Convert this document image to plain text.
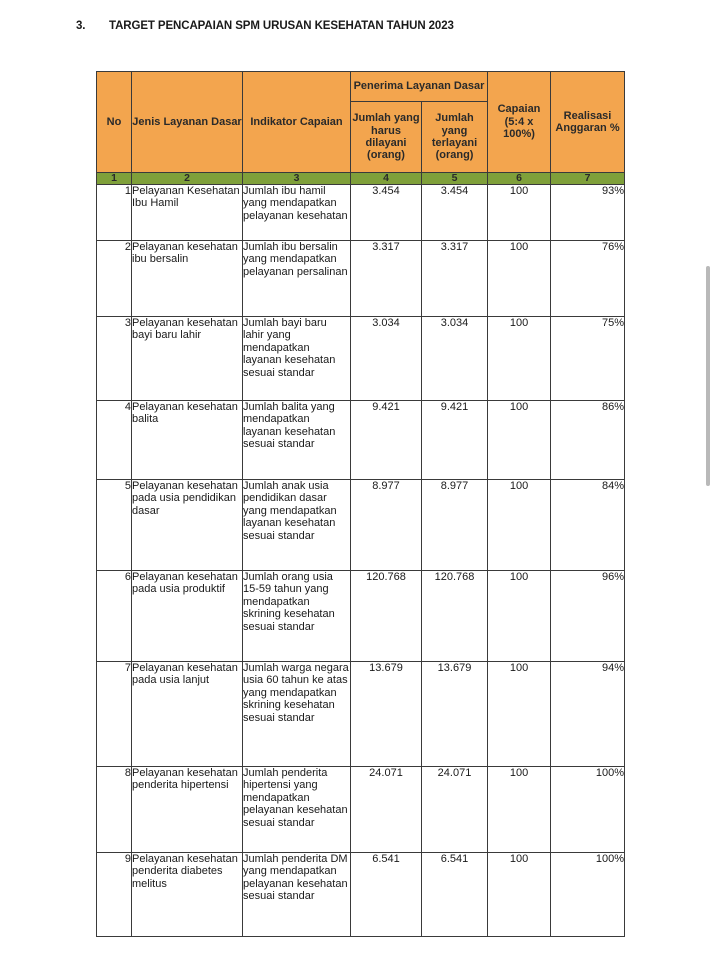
3. TARGET PENCAPAIAN SPM URUSAN KESEHATAN TAHUN 2023
No	Jenis Layanan Dasar	Indikator Capaian	Penerima Layanan Dasar		Capaian (5:4 x 100%)	Realisasi Anggaran %
			Jumlah yang harus dilayani (orang)	Jumlah yang terlayani (orang)		
1	2	3	4	5	6	7
1	Pelayanan Kesehatan Ibu Hamil	Jumlah ibu hamil yang mendapatkan pelayanan kesehatan	3.454	3.454	100	93%
2	Pelayanan kesehatan ibu bersalin	Jumlah ibu bersalin yang mendapatkan pelayanan persalinan	3.317	3.317	100	76%
3	Pelayanan kesehatan bayi baru lahir	Jumlah bayi baru lahir yang mendapatkan layanan kesehatan sesuai standar	3.034	3.034	100	75%
4	Pelayanan kesehatan balita	Jumlah balita yang mendapatkan layanan kesehatan sesuai standar	9.421	9.421	100	86%
5	Pelayanan kesehatan pada usia pendidikan dasar	Jumlah anak usia pendidikan dasar yang mendapatkan layanan kesehatan sesuai standar	8.977	8.977	100	84%
6	Pelayanan kesehatan pada usia produktif	Jumlah orang usia 15-59 tahun yang mendapatkan skrining kesehatan sesuai standar	120.768	120.768	100	96%
7	Pelayanan kesehatan pada usia lanjut	Jumlah warga negara usia 60 tahun ke atas yang mendapatkan skrining kesehatan sesuai standar	13.679	13.679	100	94%
8	Pelayanan kesehatan penderita hipertensi	Jumlah penderita hipertensi yang mendapatkan pelayanan kesehatan sesuai standar	24.071	24.071	100	100%
9	Pelayanan kesehatan penderita diabetes melitus	Jumlah penderita DM yang mendapatkan pelayanan kesehatan sesuai standar	6.541	6.541	100	100%
